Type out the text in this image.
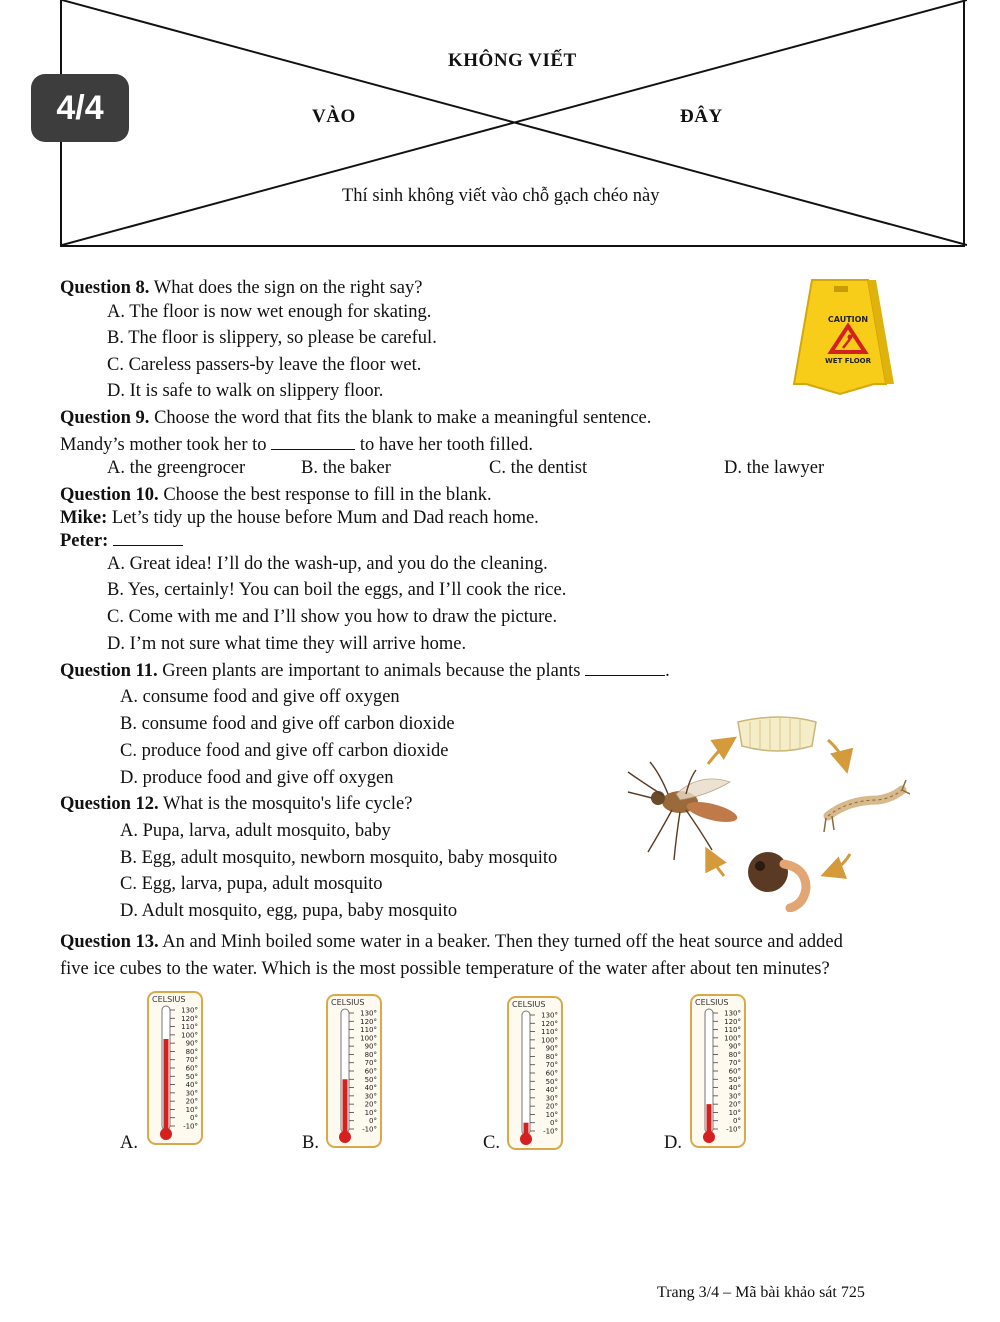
KHÔNG VIẾT
VÀO	ĐÂY
Thí sinh không viết vào chỗ gạch chéo này
4/4
Question 8. What does the sign on the right say?
A. The floor is now wet enough for skating.
B. The floor is slippery, so please be careful.
C. Careless passers-by leave the floor wet.
D. It is safe to walk on slippery floor.
CAUTION
WET FLOOR
Question 9. Choose the word that fits the blank to make a meaningful sentence.
Mandy’s mother took her to	to have her tooth filled.
A. the greengrocer	B. the baker	C. the dentist	D. the lawyer
Question 10. Choose the best response to fill in the blank.
Mike: Let’s tidy up the house before Mum and Dad reach home.
Peter:
A. Great idea! I’ll do the wash-up, and you do the cleaning.
B. Yes, certainly! You can boil the eggs, and I’ll cook the rice.
C. Come with me and I’ll show you how to draw the picture.
D. I’m not sure what time they will arrive home.
Question 11. Green plants are important to animals because the plants	.
A. consume food and give off oxygen
B. consume food and give off carbon dioxide
C. produce food and give off carbon dioxide
D. produce food and give off oxygen
Question 12. What is the mosquito's life cycle?
A. Pupa, larva, adult mosquito, baby
B. Egg, adult mosquito, newborn mosquito, baby mosquito
C. Egg, larva, pupa, adult mosquito
D. Adult mosquito, egg, pupa, baby mosquito
Question 13. An and Minh boiled some water in a beaker. Then they turned off the heat source and added
five ice cubes to the water. Which is the most possible temperature of the water after about ten minutes?
A.	B.	C.	D.
CELSIUS
130°
120°
110°
100°
90°
80°
70°
60°
50°
40°
30°
20°
10°
0°
-10°
CELSIUS
130°
120°
110°
100°
90°
80°
70°
60°
50°
40°
30°
20°
10°
0°
-10°
CELSIUS
130°
120°
110°
100°
90°
80°
70°
60°
50°
40°
30°
20°
10°
0°
-10°
CELSIUS
130°
120°
110°
100°
90°
80°
70°
60°
50°
40°
30°
20°
10°
0°
-10°
Trang 3/4 – Mã bài khảo sát 725
